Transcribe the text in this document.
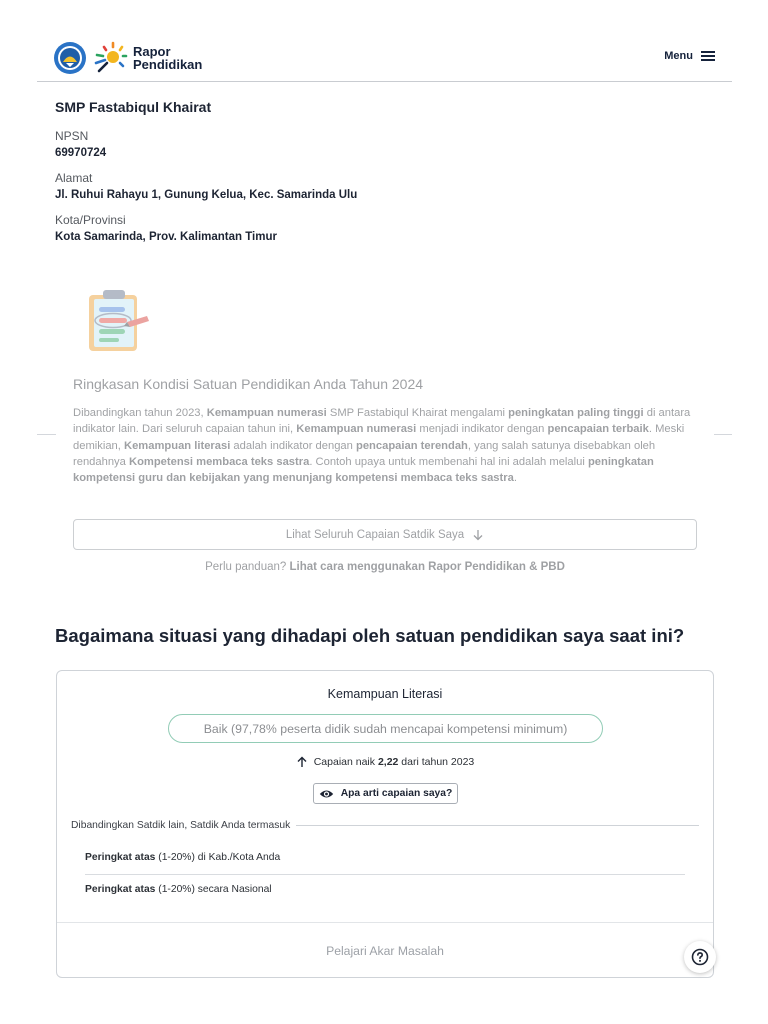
Rapor
Pendidikan
Menu
SMP Fastabiqul Khairat
NPSN
69970724
Alamat
Jl. Ruhui Rahayu 1, Gunung Kelua, Kec. Samarinda Ulu
Kota/Provinsi
Kota Samarinda, Prov. Kalimantan Timur
Ringkasan Kondisi Satuan Pendidikan Anda Tahun 2024
Dibandingkan tahun 2023, Kemampuan numerasi SMP Fastabiqul Khairat mengalami peningkatan paling tinggi di antara indikator lain. Dari seluruh capaian tahun ini, Kemampuan numerasi menjadi indikator dengan pencapaian terbaik. Meski demikian, Kemampuan literasi adalah indikator dengan pencapaian terendah, yang salah satunya disebabkan oleh rendahnya Kompetensi membaca teks sastra. Contoh upaya untuk membenahi hal ini adalah melalui peningkatan kompetensi guru dan kebijakan yang menunjang kompetensi membaca teks sastra.
Lihat Seluruh Capaian Satdik Saya
Perlu panduan? Lihat cara menggunakan Rapor Pendidikan & PBD
Bagaimana situasi yang dihadapi oleh satuan pendidikan saya saat ini?
Kemampuan Literasi
Baik (97,78% peserta didik sudah mencapai kompetensi minimum)
Capaian naik 2,22 dari tahun 2023
Apa arti capaian saya?
Dibandingkan Satdik lain, Satdik Anda termasuk
Peringkat atas (1-20%) di Kab./Kota Anda
Peringkat atas (1-20%) secara Nasional
Pelajari Akar Masalah
